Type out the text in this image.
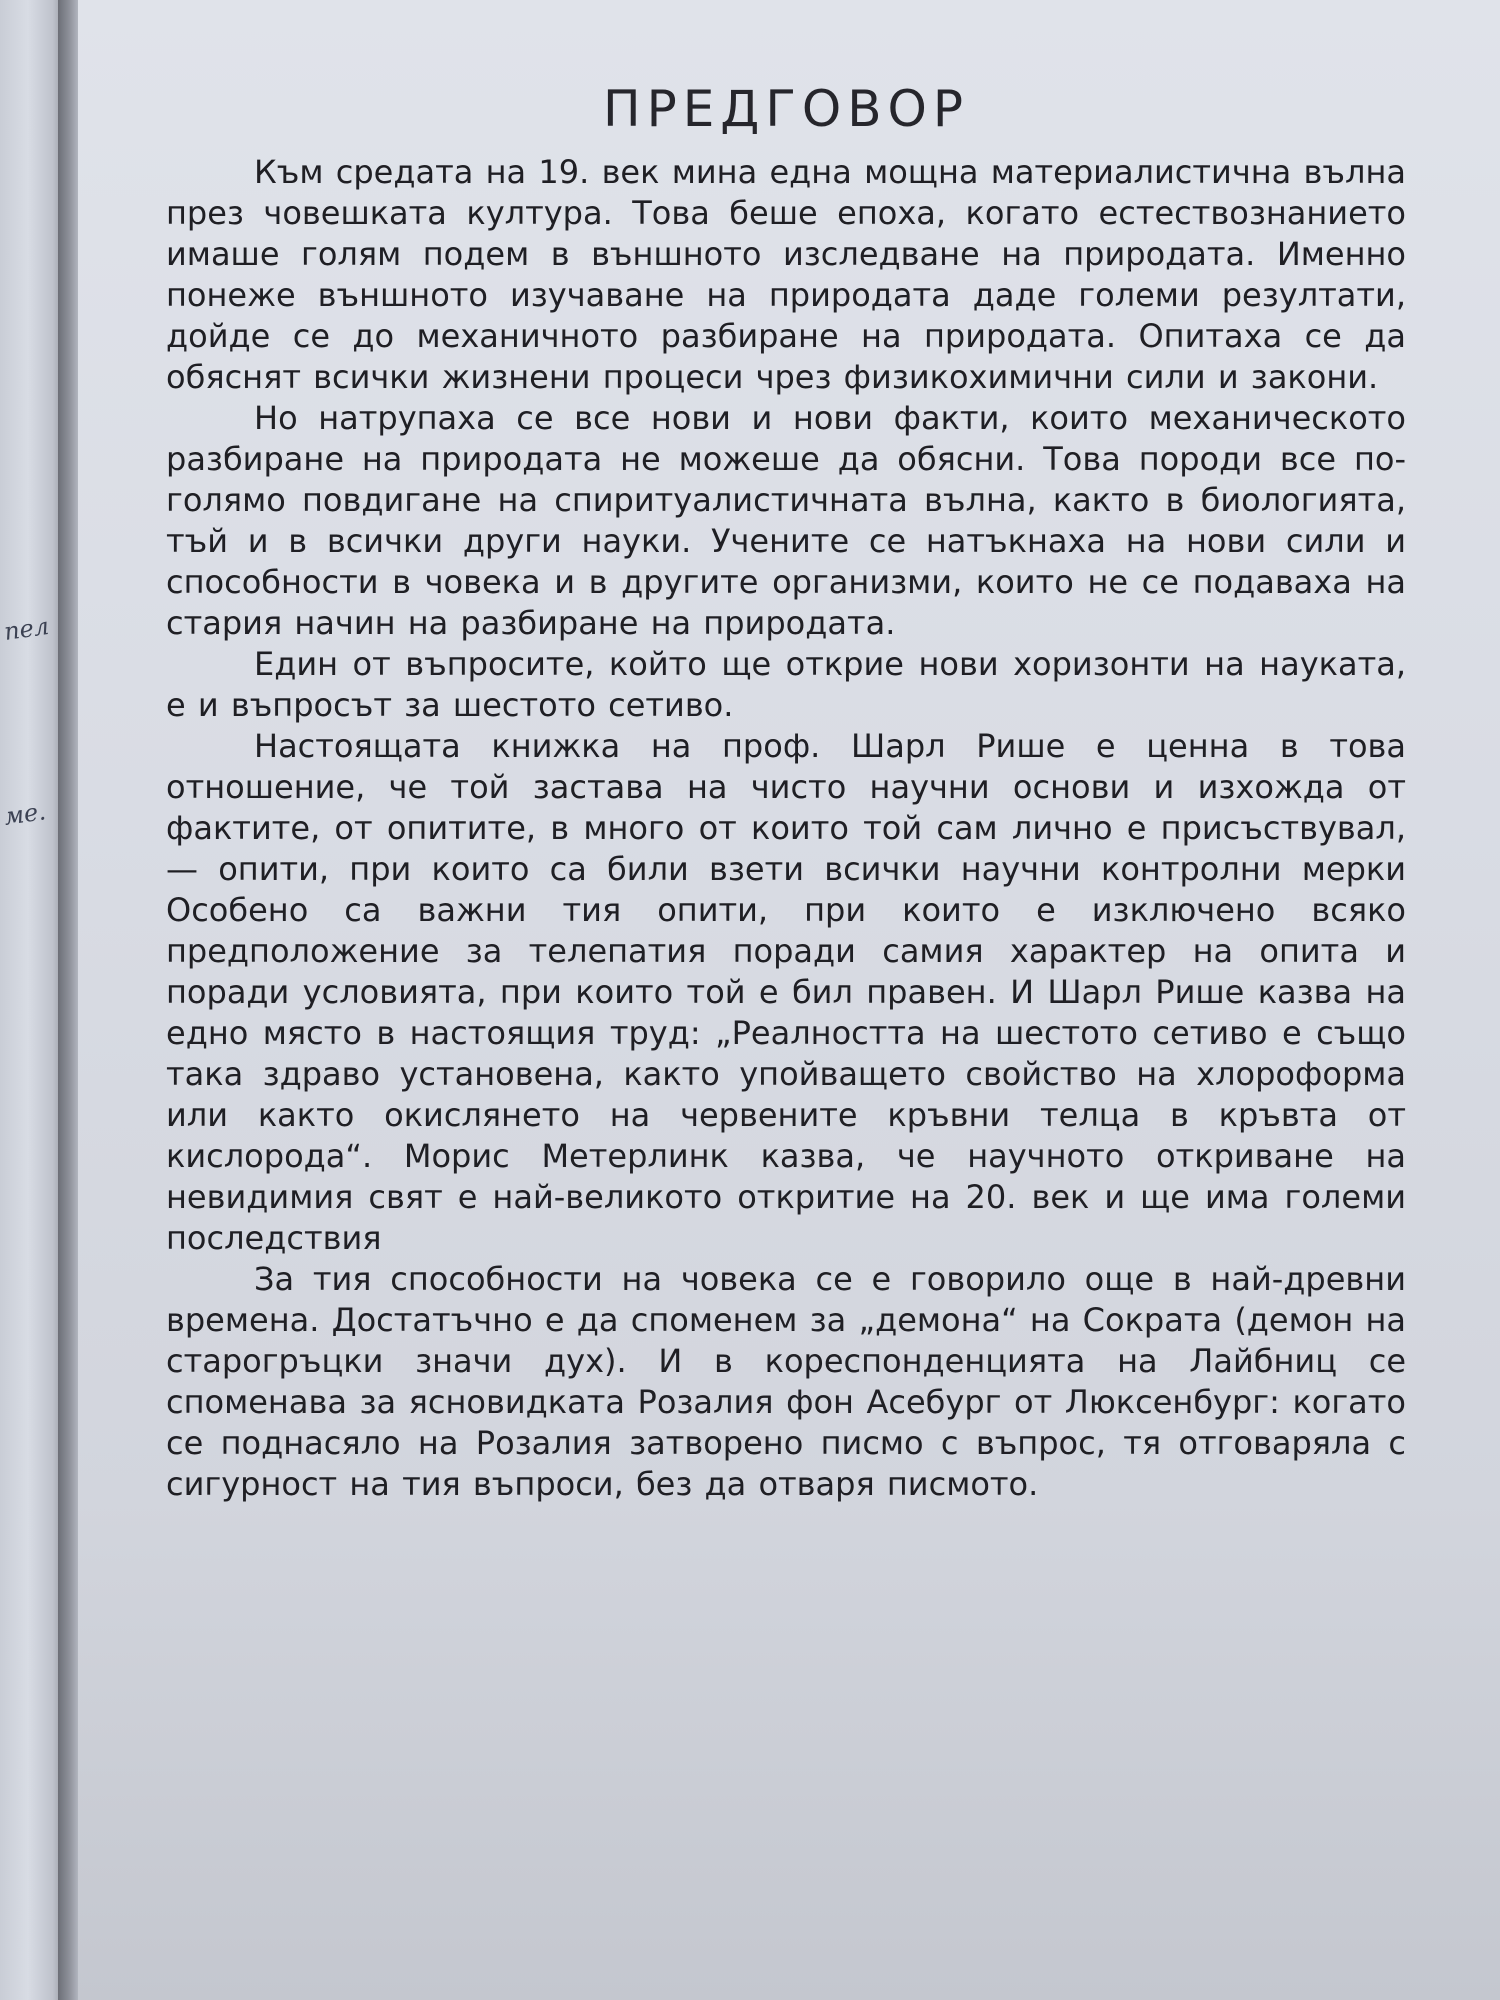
пел
ме.
ПРЕДГОВОР

Към средата на 19. век мина една мощна материалистична вълна през човешката култура. Това беше епоха, когато естествознанието имаше голям подем в външното изследване на природата. Именно понеже външното изучаване на природата даде големи резултати, дойде се до механичното разбиране на природата. Опитаха се да обяснят всички жизнени процеси чрез физикохимични сили и закони.

Но натрупаха се все нови и нови факти, които механическото разбиране на природата не можеше да обясни. Това породи все по-голямо повдигане на спиритуалистичната вълна, както в биологията, тъй и в всички други науки. Учените се натъкнаха на нови сили и способности в човека и в другите организми, които не се подаваха на стария начин на разбиране на природата.

Един от въпросите, който ще открие нови хоризонти на науката, е и въпросът за шестото сетиво.

Настоящата книжка на проф. Шарл Рише е ценна в това отношение, че той застава на чисто научни основи и изхожда от фактите, от опитите, в много от които той сам лично е присъствувал, — опити, при които са били взети всички научни контролни мерки Особено са важни тия опити, при които е изключено всяко предположение за телепатия поради самия характер на опита и поради условията, при които той е бил правен. И Шарл Рише казва на едно място в настоящия труд: „Реалността на шестото сетиво е също така здраво установена, както упойващето свойство на хлороформа или както окислянето на червените кръвни телца в кръвта от кислорода“. Морис Метерлинк казва, че научното откриване на невидимия свят е най-великото откритие на 20. век и ще има големи последствия

За тия способности на човека се е говорило още в най-древни времена. Достатъчно е да споменем за „демона“ на Сократа (демон на старогръцки значи дух). И в кореспонденцията на Лайбниц се споменава за ясновидката Розалия фон Асебург от Люксенбург: когато се поднасяло на Розалия затворено писмо с въпрос, тя отговаряла с сигурност на тия въпроси, без да отваря писмото.
